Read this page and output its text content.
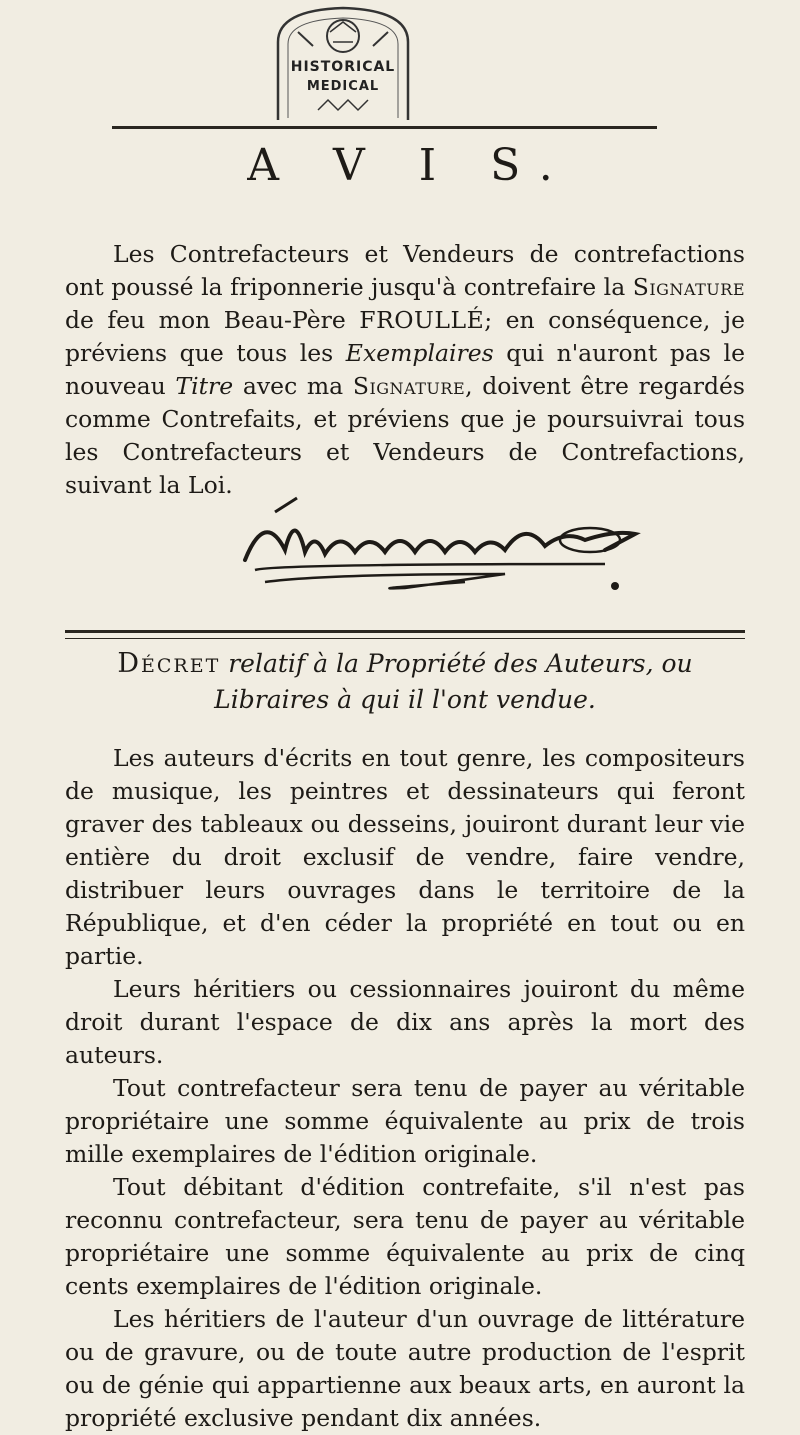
HISTORICAL
MEDICAL
A V I S.

Les Contrefacteurs et Vendeurs de contrefactions ont poussé la friponnerie jusqu'à contrefaire la Signature de feu mon Beau-Père FROULLÉ; en conséquence, je préviens que tous les Exemplaires qui n'auront pas le nouveau Titre avec ma Signature, doivent être regardés comme Contrefaits, et préviens que je poursuivrai tous les Contrefacteurs et Vendeurs de Contrefactions, suivant la Loi.

Décret relatif à la Propriété des Auteurs, ou Libraires à qui il l'ont vendue.

Les auteurs d'écrits en tout genre, les compositeurs de musique, les peintres et dessinateurs qui feront graver des tableaux ou desseins, jouiront durant leur vie entière du droit exclusif de vendre, faire vendre, distribuer leurs ouvrages dans le territoire de la République, et d'en céder la propriété en tout ou en partie.

Leurs héritiers ou cessionnaires jouiront du même droit durant l'espace de dix ans après la mort des auteurs.

Tout contrefacteur sera tenu de payer au véritable propriétaire une somme équivalente au prix de trois mille exemplaires de l'édition originale.

Tout débitant d'édition contrefaite, s'il n'est pas reconnu contrefacteur, sera tenu de payer au véritable propriétaire une somme équivalente au prix de cinq cents exemplaires de l'édition originale.

Les héritiers de l'auteur d'un ouvrage de littérature ou de gravure, ou de toute autre production de l'esprit ou de génie qui appartienne aux beaux arts, en auront la propriété exclusive pendant dix années.
